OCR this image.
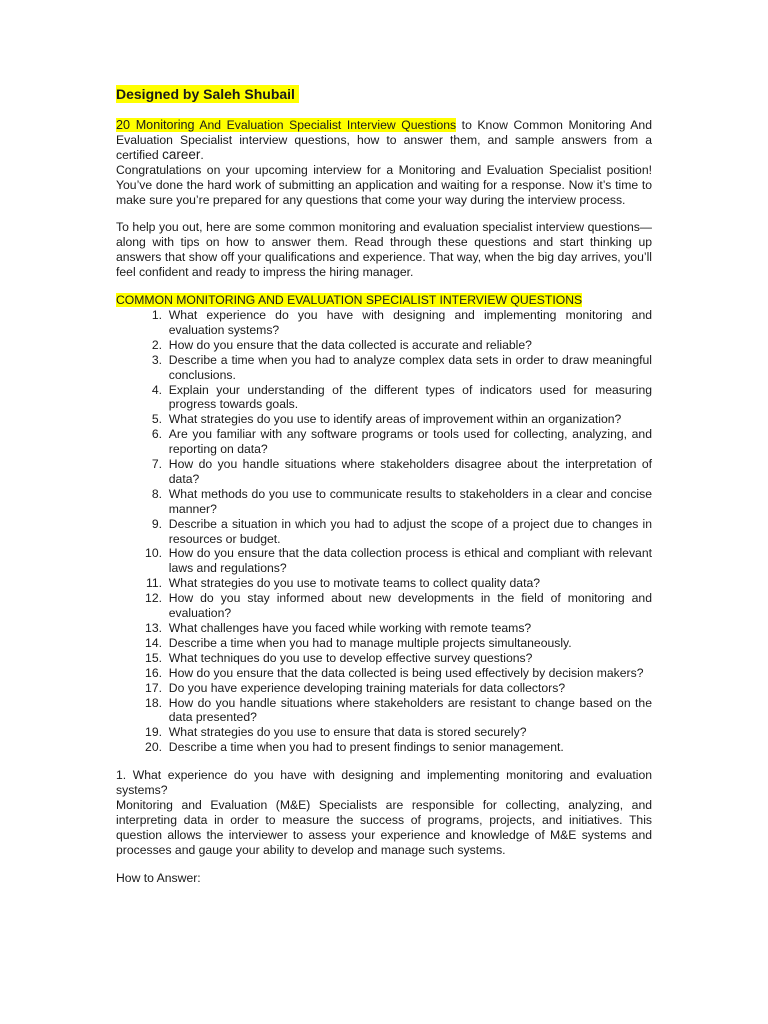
Designed by Saleh Shubail

20 Monitoring And Evaluation Specialist Interview Questions to Know Common Monitoring And Evaluation Specialist interview questions, how to answer them, and sample answers from a certified career.

Congratulations on your upcoming interview for a Monitoring and Evaluation Specialist position! You’ve done the hard work of submitting an application and waiting for a response. Now it’s time to make sure you’re prepared for any questions that come your way during the interview process.

To help you out, here are some common monitoring and evaluation specialist interview questions—along with tips on how to answer them. Read through these questions and start thinking up answers that show off your qualifications and experience. That way, when the big day arrives, you’ll feel confident and ready to impress the hiring manager.

COMMON MONITORING AND EVALUATION SPECIALIST INTERVIEW QUESTIONS

1.
What experience do you have with designing and implementing monitoring and evaluation systems?
2.
How do you ensure that the data collected is accurate and reliable?
3.
Describe a time when you had to analyze complex data sets in order to draw meaningful conclusions.
4.
Explain your understanding of the different types of indicators used for measuring progress towards goals.
5.
What strategies do you use to identify areas of improvement within an organization?
6.
Are you familiar with any software programs or tools used for collecting, analyzing, and reporting on data?
7.
How do you handle situations where stakeholders disagree about the interpretation of data?
8.
What methods do you use to communicate results to stakeholders in a clear and concise manner?
9.
Describe a situation in which you had to adjust the scope of a project due to changes in resources or budget.
10.
How do you ensure that the data collection process is ethical and compliant with relevant laws and regulations?
11.
What strategies do you use to motivate teams to collect quality data?
12.
How do you stay informed about new developments in the field of monitoring and evaluation?
13.
What challenges have you faced while working with remote teams?
14.
Describe a time when you had to manage multiple projects simultaneously.
15.
What techniques do you use to develop effective survey questions?
16.
How do you ensure that the data collected is being used effectively by decision makers?
17.
Do you have experience developing training materials for data collectors?
18.
How do you handle situations where stakeholders are resistant to change based on the data presented?
19.
What strategies do you use to ensure that data is stored securely?
20.
Describe a time when you had to present findings to senior management.

1. What experience do you have with designing and implementing monitoring and evaluation systems?

Monitoring and Evaluation (M&E) Specialists are responsible for collecting, analyzing, and interpreting data in order to measure the success of programs, projects, and initiatives. This question allows the interviewer to assess your experience and knowledge of M&E systems and processes and gauge your ability to develop and manage such systems.

How to Answer:
